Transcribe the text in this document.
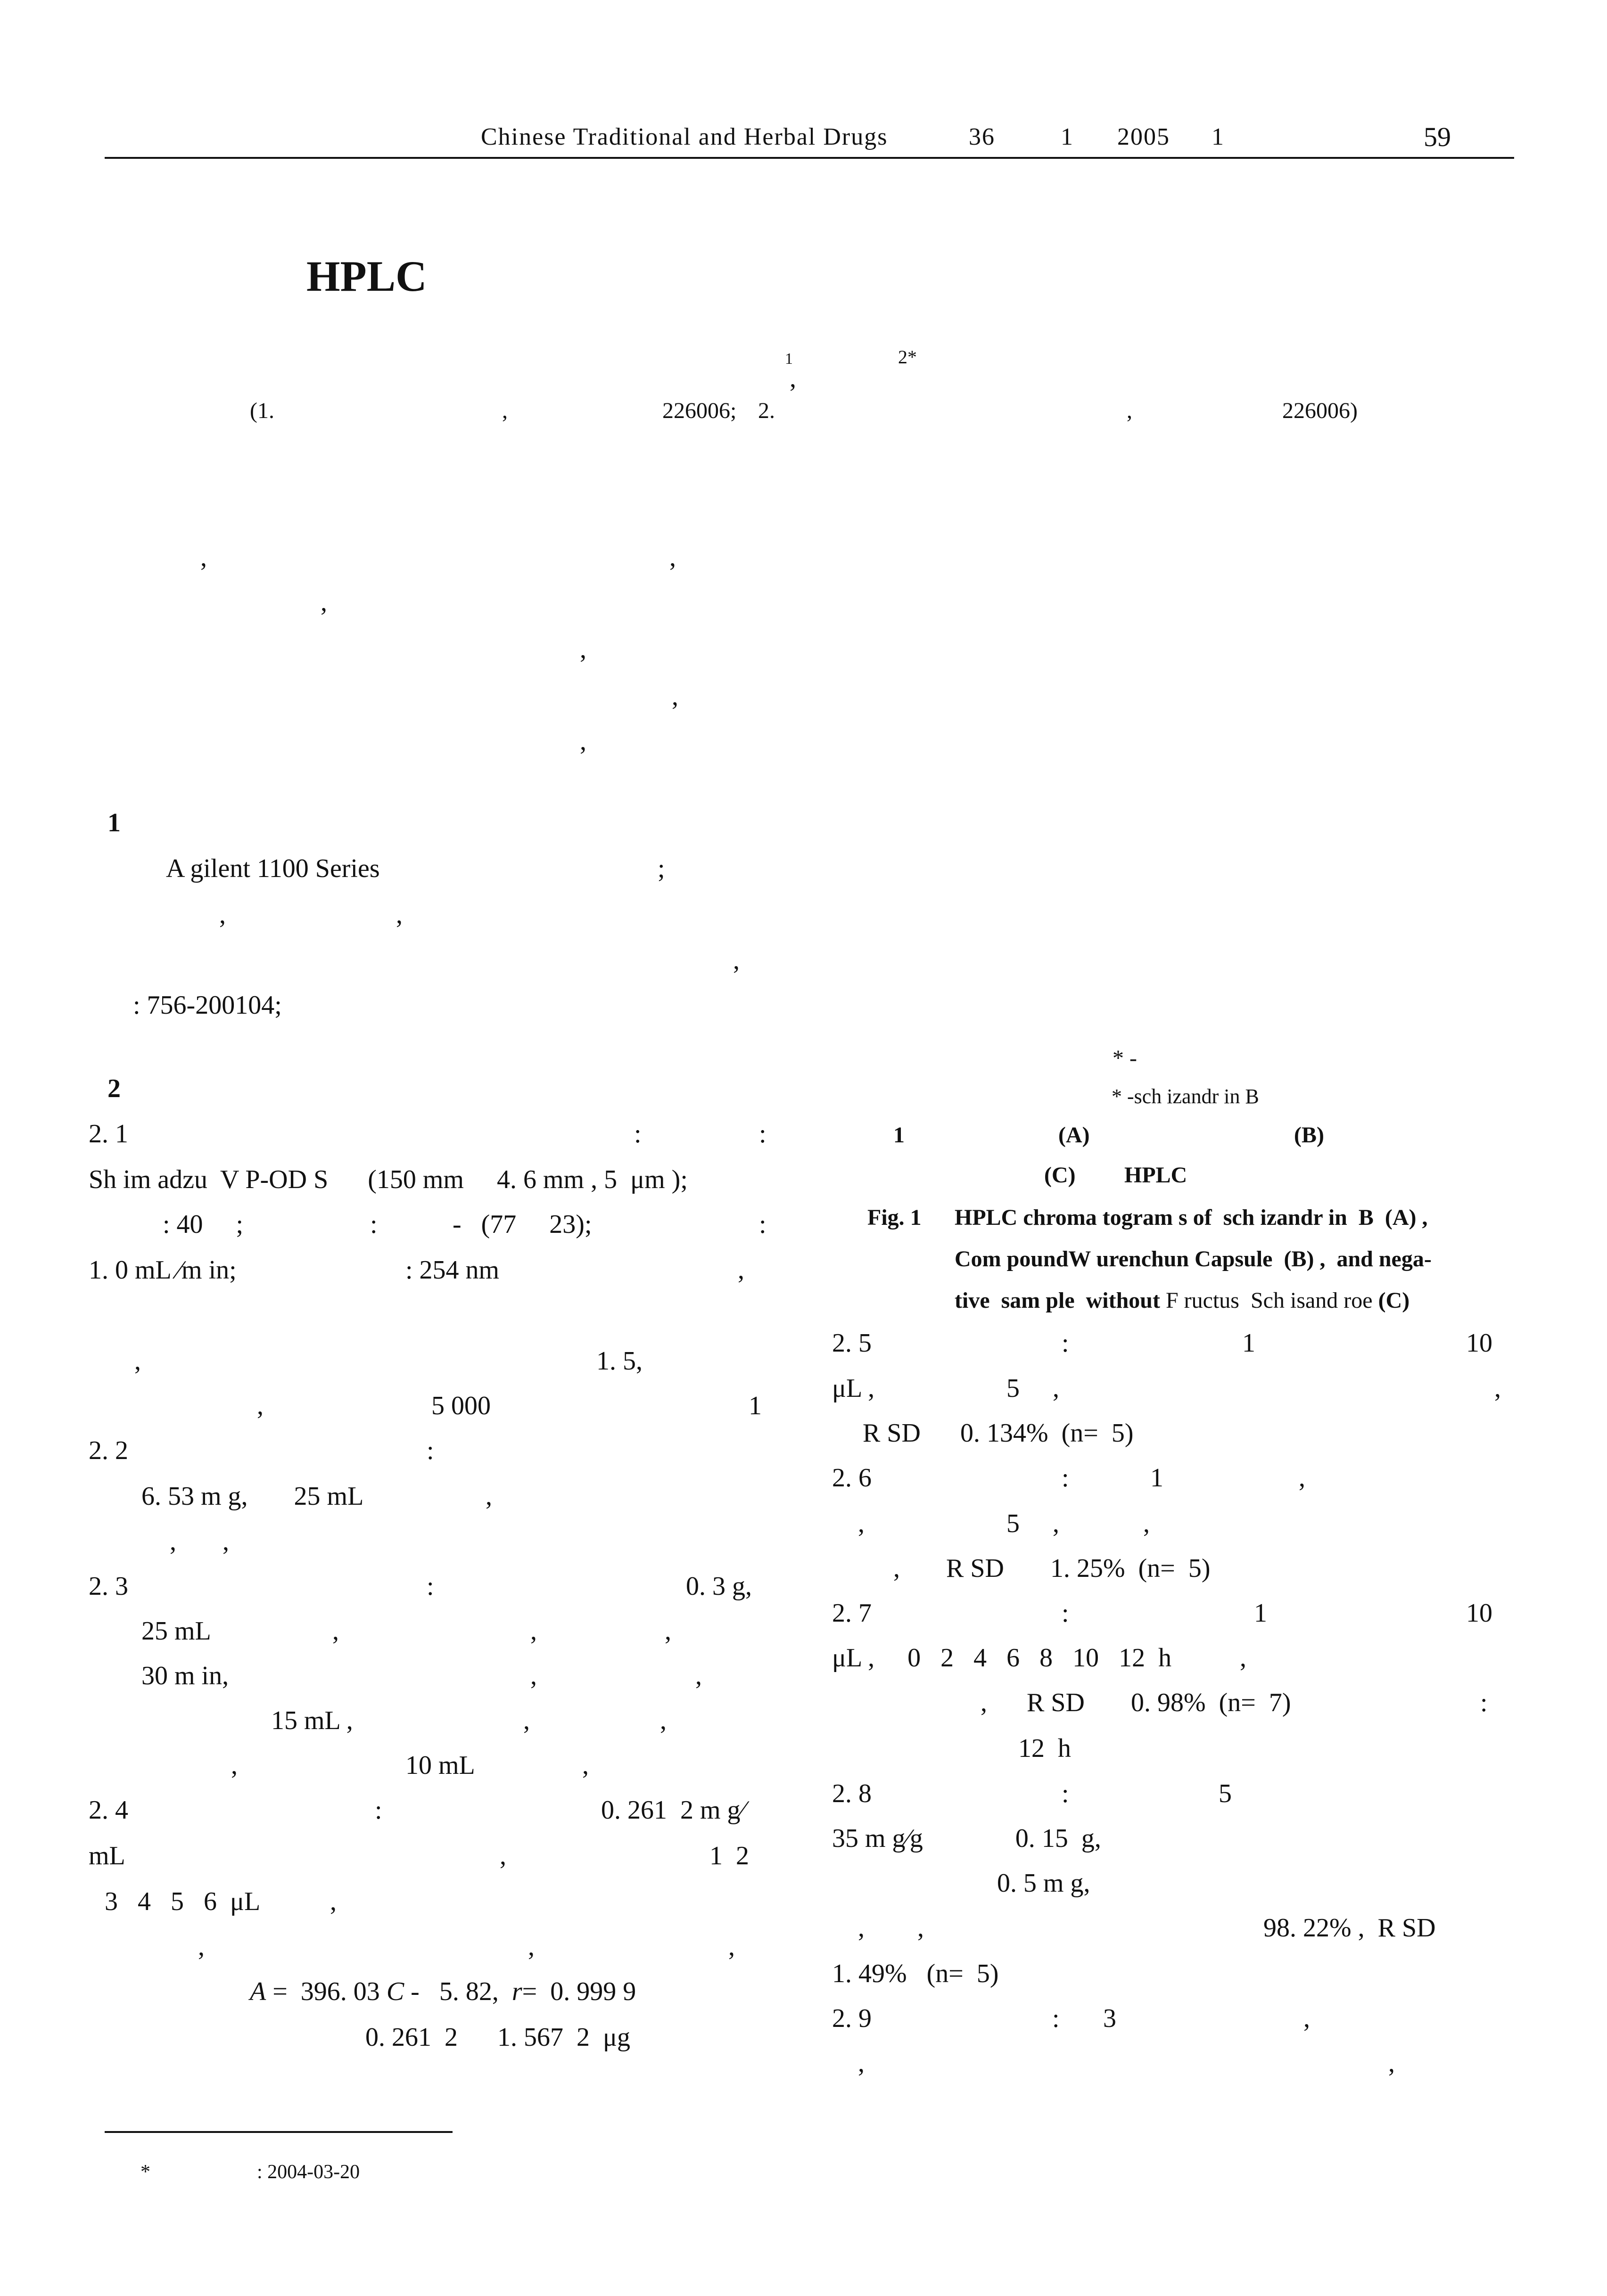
Chinese Traditional and Herbal Drugs	36	1 2005 1	59
HPLC
1
,
2*
(1.	,	226006; 2.	,	226006)
,	,
,
,
,
,
1
A gilent 1100 Series	;
,	,
,
: 756-200104;
2
2. 1	:	:
Sh im adzu  V P-OD S      (150 mm     4. 6 mm , 5  μm );
: 40     ;	:	-   (77     23);	:
1. 0 mL ∕m in;	: 254 nm	,
,	1. 5,
,	5 000	1
2. 2	:
6. 53 m g,       25 mL	,
,       ,
2. 3	:	0. 3 g,
25 mL	,	,	,
30 m in,	,	,
15 mL ,	,	,
,	10 mL	,
2. 4	:	0. 261  2 m g∕
mL	,	1  2
3   4   5   6  μL	,
,	,	,
A =  396. 03 C -   5. 82,  r=  0. 999 9
0. 261  2      1. 567  2  μg
* -
* -sch izandr in B
1	(A)	(B)
(C) HPLC
Fig. 1 HPLC chroma togram s of  sch izandr in  B  (A) ,
Com poundW urenchun Capsule  (B) ,  and nega-
tive  sam ple  without F ructus  Sch isand roe (C)
2. 5	:	1	10
μL ,	5     ,	,
R SD      0. 134%  (n=  5)
2. 6	:	1	,
,	5     ,	,
,       R SD       1. 25%  (n=  5)
2. 7	:	1	10
μL ,     0   2   4   6   8   10   12  h	,
,      R SD       0. 98%  (n=  7)	:
12  h
2. 8	:	5
35 m g∕g              0. 15  g,
0. 5 m g,
,        ,	98. 22% ,  R SD
1. 49%   (n=  5)
2. 9	: 3	,
,	,
*	: 2004-03-20
